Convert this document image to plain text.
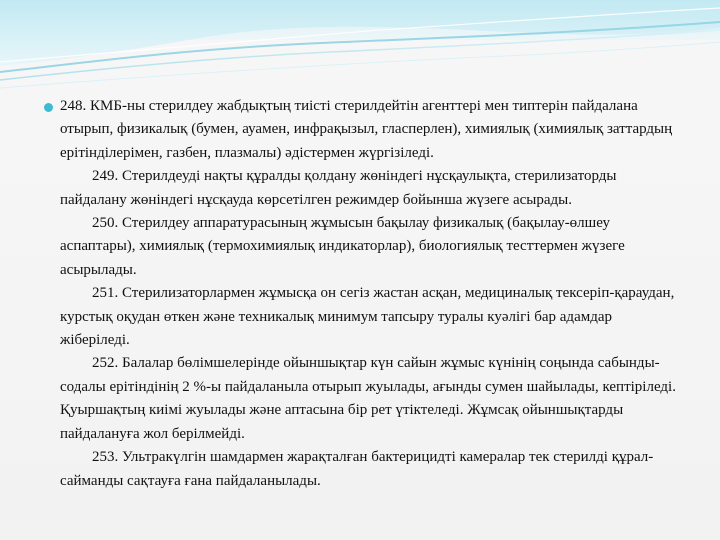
248. КМБ-ны стерилдеу жабдықтың тиісті стерилдейтін агенттері мен типтерін пайдалана отырып, физикалық (бумен, ауамен, инфрақызыл, гласперлен), химиялық (химиялық заттардың ерітінділерімен, газбен, плазмалы) әдістермен жүргізіледі.

249. Стерилдеуді нақты құралды қолдану жөніндегі нұсқаулықта, стерилизаторды пайдалану жөніндегі нұсқауда көрсетілген режимдер бойынша жүзеге асырады.

250. Стерилдеу аппаратурасының жұмысын бақылау физикалық (бақылау-өлшеу аспаптары), химиялық (термохимиялық индикаторлар), биологиялық тесттермен жүзеге асырылады.

251. Стерилизаторлармен жұмысқа он сегіз жастан асқан, медициналық тексеріп-қараудан, курстық оқудан өткен және техникалық минимум тапсыру туралы куәлігі бар адамдар жіберіледі.

252. Балалар бөлімшелерінде ойыншықтар күн сайын жұмыс күнінің соңында сабынды-содалы ерітіндінің 2 %-ы пайдаланыла отырып жуылады, ағынды сумен шайылады, кептіріледі. Қуыршақтың киімі жуылады және аптасына бір рет үтіктеледі. Жұмсақ ойыншықтарды пайдалануға жол берілмейді.

253. Ультракүлгін шамдармен жарақталған бактерицидті камералар тек стерилді құрал-сайманды сақтауға ғана пайдаланылады.
